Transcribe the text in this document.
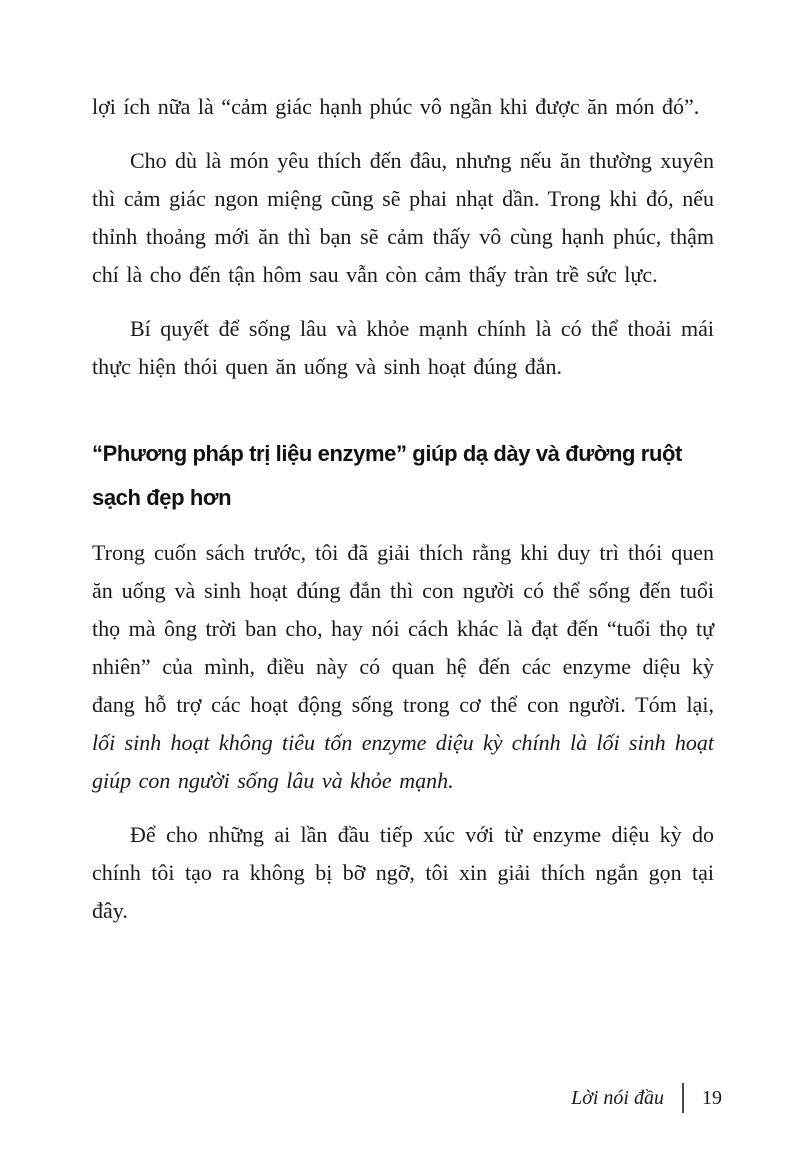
lợi ích nữa là “cảm giác hạnh phúc vô ngần khi được ăn món đó”.

Cho dù là món yêu thích đến đâu, nhưng nếu ăn thường xuyên thì cảm giác ngon miệng cũng sẽ phai nhạt dần. Trong khi đó, nếu thỉnh thoảng mới ăn thì bạn sẽ cảm thấy vô cùng hạnh phúc, thậm chí là cho đến tận hôm sau vẫn còn cảm thấy tràn trề sức lực.

Bí quyết để sống lâu và khỏe mạnh chính là có thể thoải mái thực hiện thói quen ăn uống và sinh hoạt đúng đắn.

“Phương pháp trị liệu enzyme” giúp dạ dày và đường ruột sạch đẹp hơn

Trong cuốn sách trước, tôi đã giải thích rằng khi duy trì thói quen ăn uống và sinh hoạt đúng đắn thì con người có thể sống đến tuổi thọ mà ông trời ban cho, hay nói cách khác là đạt đến “tuổi thọ tự nhiên” của mình, điều này có quan hệ đến các enzyme diệu kỳ đang hỗ trợ các hoạt động sống trong cơ thể con người. Tóm lại, lối sinh hoạt không tiêu tốn enzyme diệu kỳ chính là lối sinh hoạt giúp con người sống lâu và khỏe mạnh.

Để cho những ai lần đầu tiếp xúc với từ enzyme diệu kỳ do chính tôi tạo ra không bị bỡ ngỡ, tôi xin giải thích ngắn gọn tại đây.

Lời nói đầu	19
